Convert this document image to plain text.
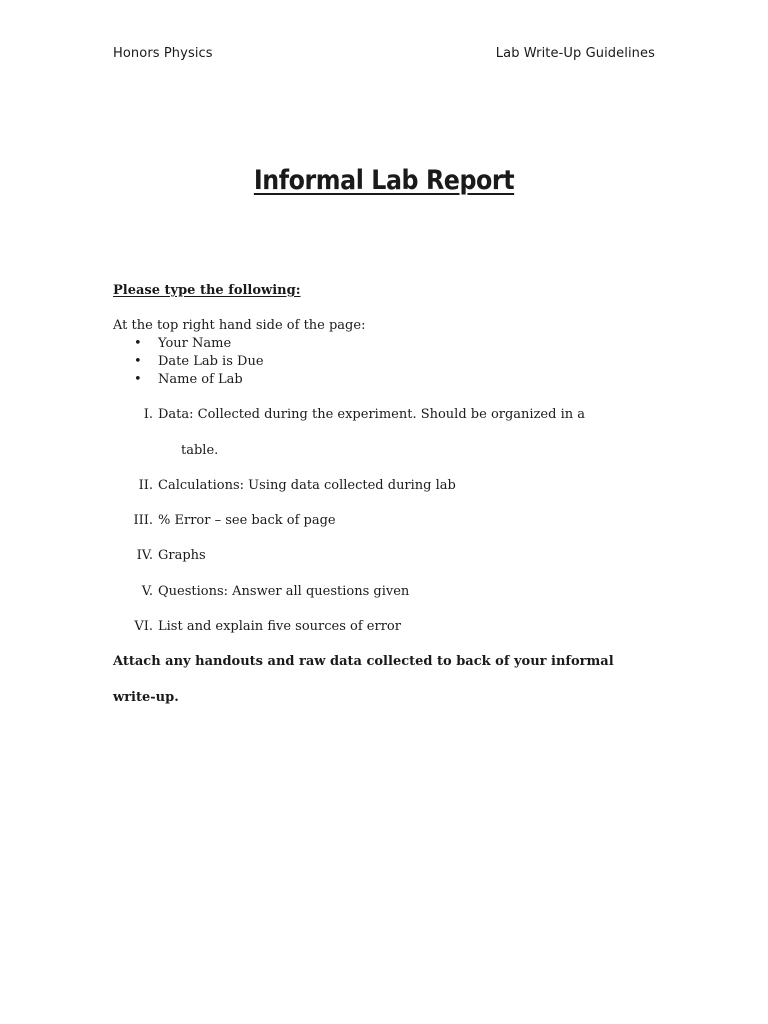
Honors Physics	Lab Write-Up Guidelines
Informal Lab Report
Please type the following:
At the top right hand side of the page:
• Your Name
• Date Lab is Due
• Name of Lab
I. Data: Collected during the experiment. Should be organized in a
table.
II. Calculations: Using data collected during lab
III. % Error – see back of page
IV. Graphs
V. Questions: Answer all questions given
VI. List and explain five sources of error
Attach any handouts and raw data collected to back of your informal
write-up.
